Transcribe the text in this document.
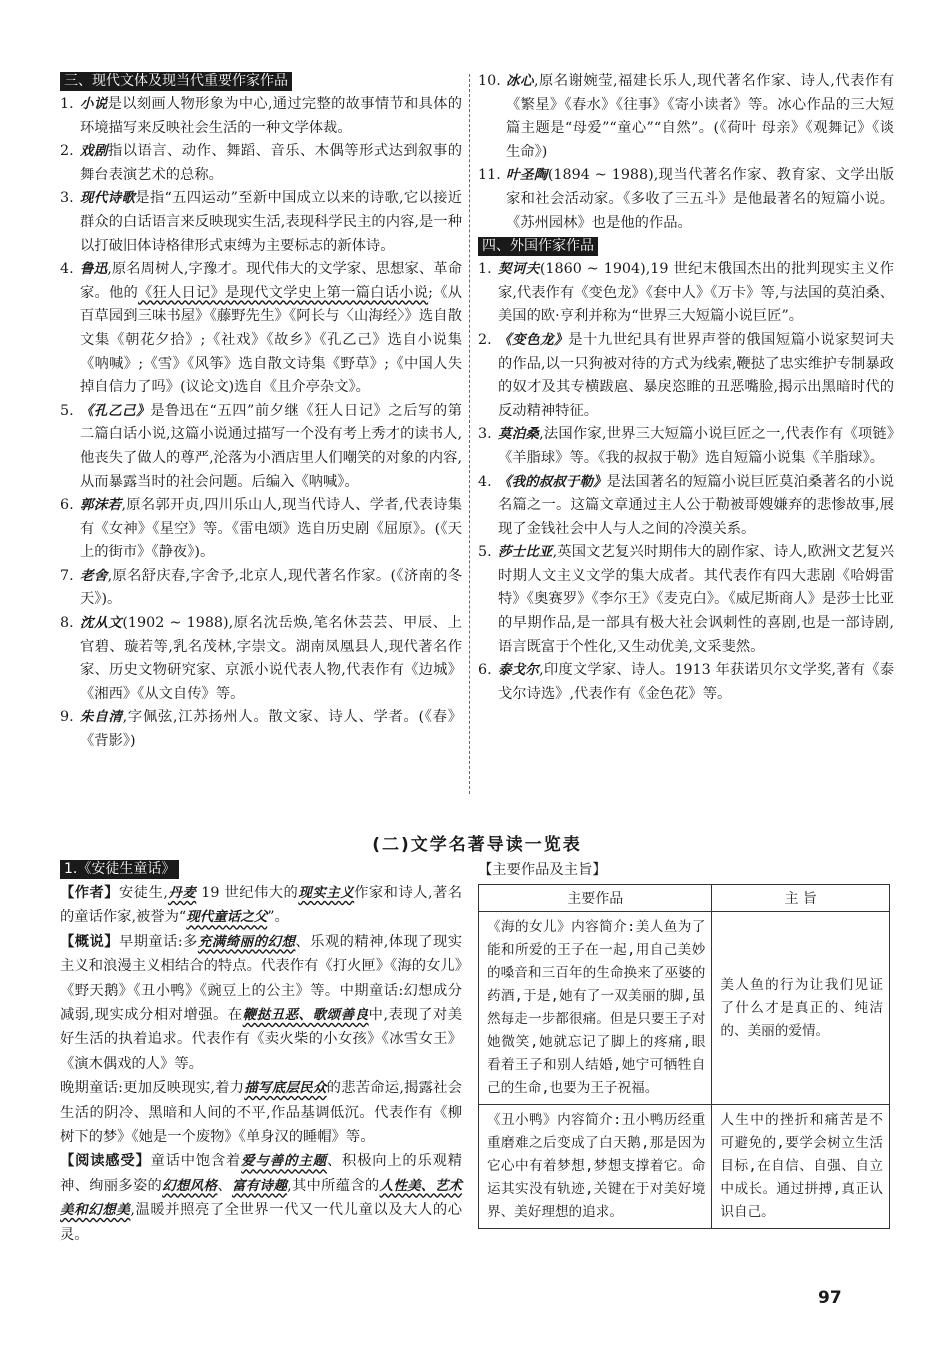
三、现代文体及现当代重要作家作品
1. 小说是以刻画人物形象为中心,通过完整的故事情节和具体的环境描写来反映社会生活的一种文学体裁。
2. 戏剧指以语言、动作、舞蹈、音乐、木偶等形式达到叙事的舞台表演艺术的总称。
3. 现代诗歌是指“五四运动”至新中国成立以来的诗歌,它以接近群众的白话语言来反映现实生活,表现科学民主的内容,是一种以打破旧体诗格律形式束缚为主要标志的新体诗。
4. 鲁迅,原名周树人,字豫才。现代伟大的文学家、思想家、革命家。他的《狂人日记》是现代文学史上第一篇白话小说;《从百草园到三味书屋》《藤野先生》《阿长与〈山海经〉》选自散文集《朝花夕拾》;《社戏》《故乡》《孔乙己》选自小说集《呐喊》;《雪》《风筝》选自散文诗集《野草》;《中国人失掉自信力了吗》(议论文)选自《且介亭杂文》。
5. 《孔乙己》是鲁迅在“五四”前夕继《狂人日记》之后写的第二篇白话小说,这篇小说通过描写一个没有考上秀才的读书人,他丧失了做人的尊严,沦落为小酒店里人们嘲笑的对象的内容,从而暴露当时的社会问题。后编入《呐喊》。
6. 郭沫若,原名郭开贞,四川乐山人,现当代诗人、学者,代表诗集有《女神》《星空》等。《雷电颂》选自历史剧《屈原》。(《天上的街市》《静夜》)。
7. 老舍,原名舒庆春,字舍予,北京人,现代著名作家。(《济南的冬天》)。
8. 沈从文(1902 ~ 1988),原名沈岳焕,笔名休芸芸、甲辰、上官碧、璇若等,乳名茂林,字崇文。湖南凤凰县人,现代著名作家、历史文物研究家、京派小说代表人物,代表作有《边城》《湘西》《从文自传》等。
9. 朱自清,字佩弦,江苏扬州人。散文家、诗人、学者。(《春》《背影》)
10. 冰心,原名谢婉莹,福建长乐人,现代著名作家、诗人,代表作有《繁星》《春水》《往事》《寄小读者》等。冰心作品的三大短篇主题是“母爱”“童心”“自然”。(《荷叶 母亲》《观舞记》《谈生命》)
11. 叶圣陶(1894 ~ 1988),现当代著名作家、教育家、文学出版家和社会活动家。《多收了三五斗》是他最著名的短篇小说。《苏州园林》也是他的作品。
四、外国作家作品
1. 契诃夫(1860 ~ 1904),19 世纪末俄国杰出的批判现实主义作家,代表作有《变色龙》《套中人》《万卡》等,与法国的莫泊桑、美国的欧·亨利并称为“世界三大短篇小说巨匠”。
2. 《变色龙》是十九世纪具有世界声誉的俄国短篇小说家契诃夫的作品,以一只狗被对待的方式为线索,鞭挞了忠实维护专制暴政的奴才及其专横跋扈、暴戾恣睢的丑恶嘴脸,揭示出黑暗时代的反动精神特征。
3. 莫泊桑,法国作家,世界三大短篇小说巨匠之一,代表作有《项链》《羊脂球》等。《我的叔叔于勒》选自短篇小说集《羊脂球》。
4. 《我的叔叔于勒》是法国著名的短篇小说巨匠莫泊桑著名的小说名篇之一。这篇文章通过主人公于勒被哥嫂嫌弃的悲惨故事,展现了金钱社会中人与人之间的冷漠关系。
5. 莎士比亚,英国文艺复兴时期伟大的剧作家、诗人,欧洲文艺复兴时期人文主义文学的集大成者。其代表作有四大悲剧《哈姆雷特》《奥赛罗》《李尔王》《麦克白》。《威尼斯商人》是莎士比亚的早期作品,是一部具有极大社会讽刺性的喜剧,也是一部诗剧,语言既富于个性化,又生动优美,文采斐然。
6. 泰戈尔,印度文学家、诗人。1913 年获诺贝尔文学奖,著有《泰戈尔诗选》,代表作有《金色花》等。
(二)文学名著导读一览表
1.《安徒生童话》

【作者】安徒生,丹麦 19 世纪伟大的现实主义作家和诗人,著名的童话作家,被誉为“现代童话之父”。

【概说】早期童话:多充满绮丽的幻想、乐观的精神,体现了现实主义和浪漫主义相结合的特点。代表作有《打火匣》《海的女儿》《野天鹅》《丑小鸭》《豌豆上的公主》等。中期童话:幻想成分减弱,现实成分相对增强。在鞭挞丑恶、歌颂善良中,表现了对美好生活的执着追求。代表作有《卖火柴的小女孩》《冰雪女王》《演木偶戏的人》等。

晚期童话:更加反映现实,着力描写底层民众的悲苦命运,揭露社会生活的阴冷、黑暗和人间的不平,作品基调低沉。代表作有《柳树下的梦》《她是一个废物》《单身汉的睡帽》等。

【阅读感受】童话中饱含着爱与善的主题、积极向上的乐观精神、绚丽多姿的幻想风格、富有诗趣,其中所蕴含的人性美、艺术美和幻想美,温暖并照亮了全世界一代又一代儿童以及大人的心灵。

【主要作品及主旨】
主要作品	主 旨
《海的女儿》内容简介:美人鱼为了能和所爱的王子在一起,用自己美妙的嗓音和三百年的生命换来了巫婆的药酒,于是,她有了一双美丽的脚,虽然每走一步都很痛。但是只要王子对她微笑,她就忘记了脚上的疼痛,眼看着王子和别人结婚,她宁可牺牲自己的生命,也要为王子祝福。	美人鱼的行为让我们见证了什么才是真正的、纯洁的、美丽的爱情。
《丑小鸭》内容简介:丑小鸭历经重重磨难之后变成了白天鹅,那是因为它心中有着梦想,梦想支撑着它。命运其实没有轨迹,关键在于对美好境界、美好理想的追求。	人生中的挫折和痛苦是不可避免的,要学会树立生活目标,在自信、自强、自立中成长。通过拼搏,真正认识自己。
97
